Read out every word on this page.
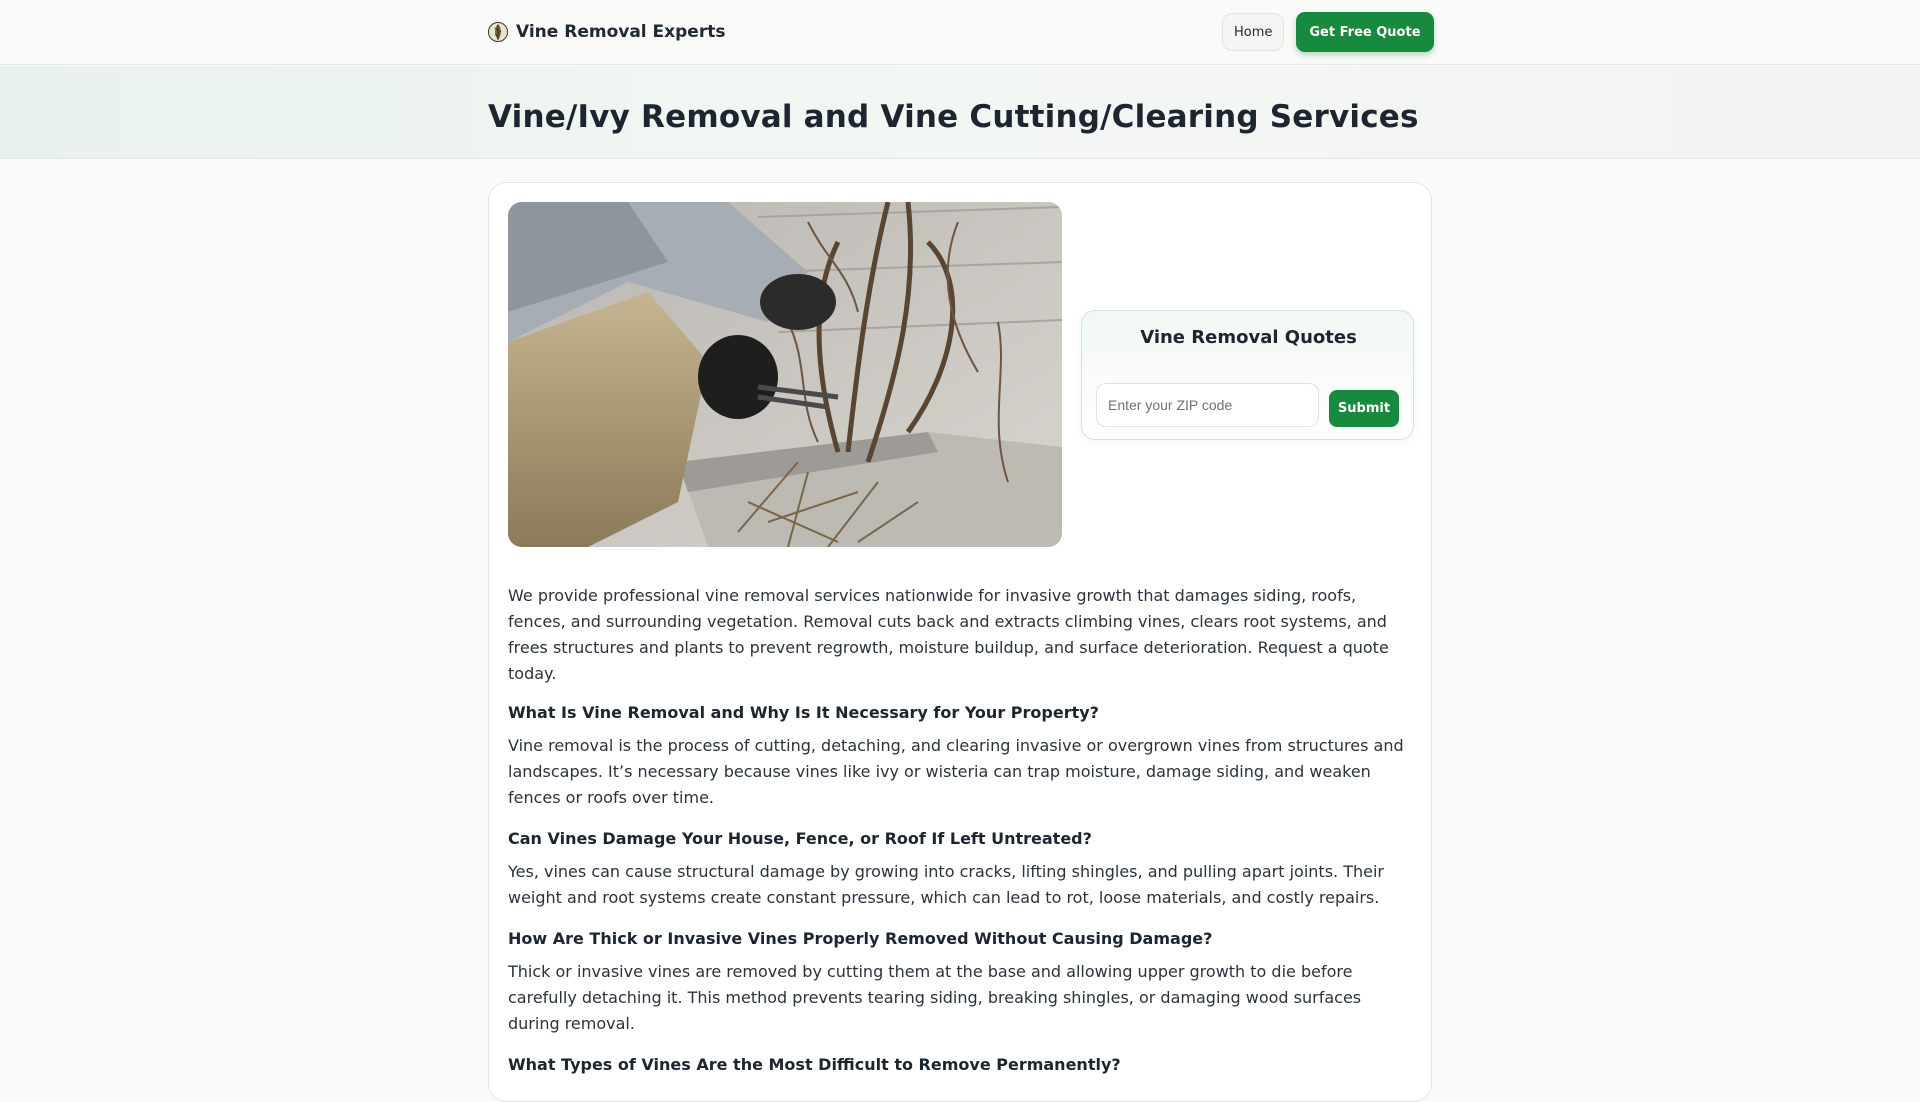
Vine Removal Experts	Home	Get Free Quote
Vine/Ivy Removal and Vine Cutting/Clearing Services
Vine Removal Quotes
Enter your ZIP code
Submit

We provide professional vine removal services nationwide for invasive growth that damages siding, roofs, fences, and surrounding vegetation. Removal cuts back and extracts climbing vines, clears root systems, and frees structures and plants to prevent regrowth, moisture buildup, and surface deterioration. Request a quote today.

What Is Vine Removal and Why Is It Necessary for Your Property?

Vine removal is the process of cutting, detaching, and clearing invasive or overgrown vines from structures and landscapes. It’s necessary because vines like ivy or wisteria can trap moisture, damage siding, and weaken fences or roofs over time.

Can Vines Damage Your House, Fence, or Roof If Left Untreated?

Yes, vines can cause structural damage by growing into cracks, lifting shingles, and pulling apart joints. Their weight and root systems create constant pressure, which can lead to rot, loose materials, and costly repairs.

How Are Thick or Invasive Vines Properly Removed Without Causing Damage?

Thick or invasive vines are removed by cutting them at the base and allowing upper growth to die before carefully detaching it. This method prevents tearing siding, breaking shingles, or damaging wood surfaces during removal.

What Types of Vines Are the Most Difficult to Remove Permanently?
